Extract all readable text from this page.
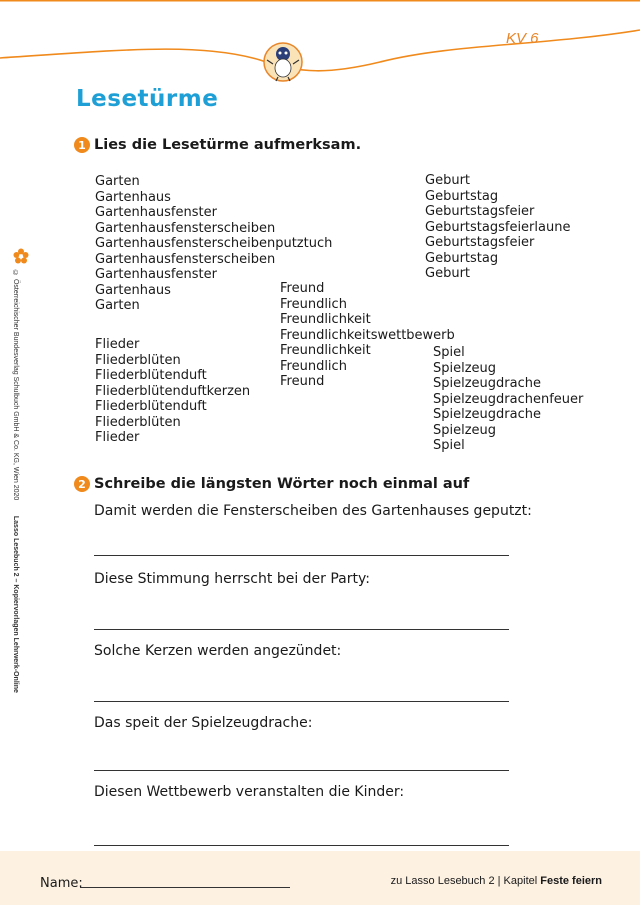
KV 6
Lesetürme
1 Lies die Lesetürme aufmerksam.
Garten
Gartenhaus
Gartenhausfenster
Gartenhausfensterscheiben
Gartenhausfensterscheibenputztuch
Gartenhausfensterscheiben
Gartenhausfenster
Gartenhaus
Garten
Geburt
Geburtstag
Geburtstagsfeier
Geburtstagsfeierlaune
Geburtstagsfeier
Geburtstag
Geburt
Freund
Freundlich
Freundlichkeit
Freundlichkeitswettbewerb
Freundlichkeit
Freundlich
Freund
Flieder
Fliederblüten
Fliederblütenduft
Fliederblütenduftkerzen
Fliederblütenduft
Fliederblüten
Flieder
Spiel
Spielzeug
Spielzeugdrache
Spielzeugdrachenfeuer
Spielzeugdrache
Spielzeug
Spiel
2 Schreibe die längsten Wörter noch einmal auf
Damit werden die Fensterscheiben des Gartenhauses geputzt:
Diese Stimmung herrscht bei der Party:
Solche Kerzen werden angezündet:
Das speit der Spielzeugdrache:
Diesen Wettbewerb veranstalten die Kinder:
© Österreichischer Bundesverlag Schulbuch GmbH & Co. KG, Wien 2020        Lasso Lesebuch 2 – Kopiervorlagen Lehrwerk-Online
Name:	zu Lasso Lesebuch 2 | Kapitel Feste feiern
